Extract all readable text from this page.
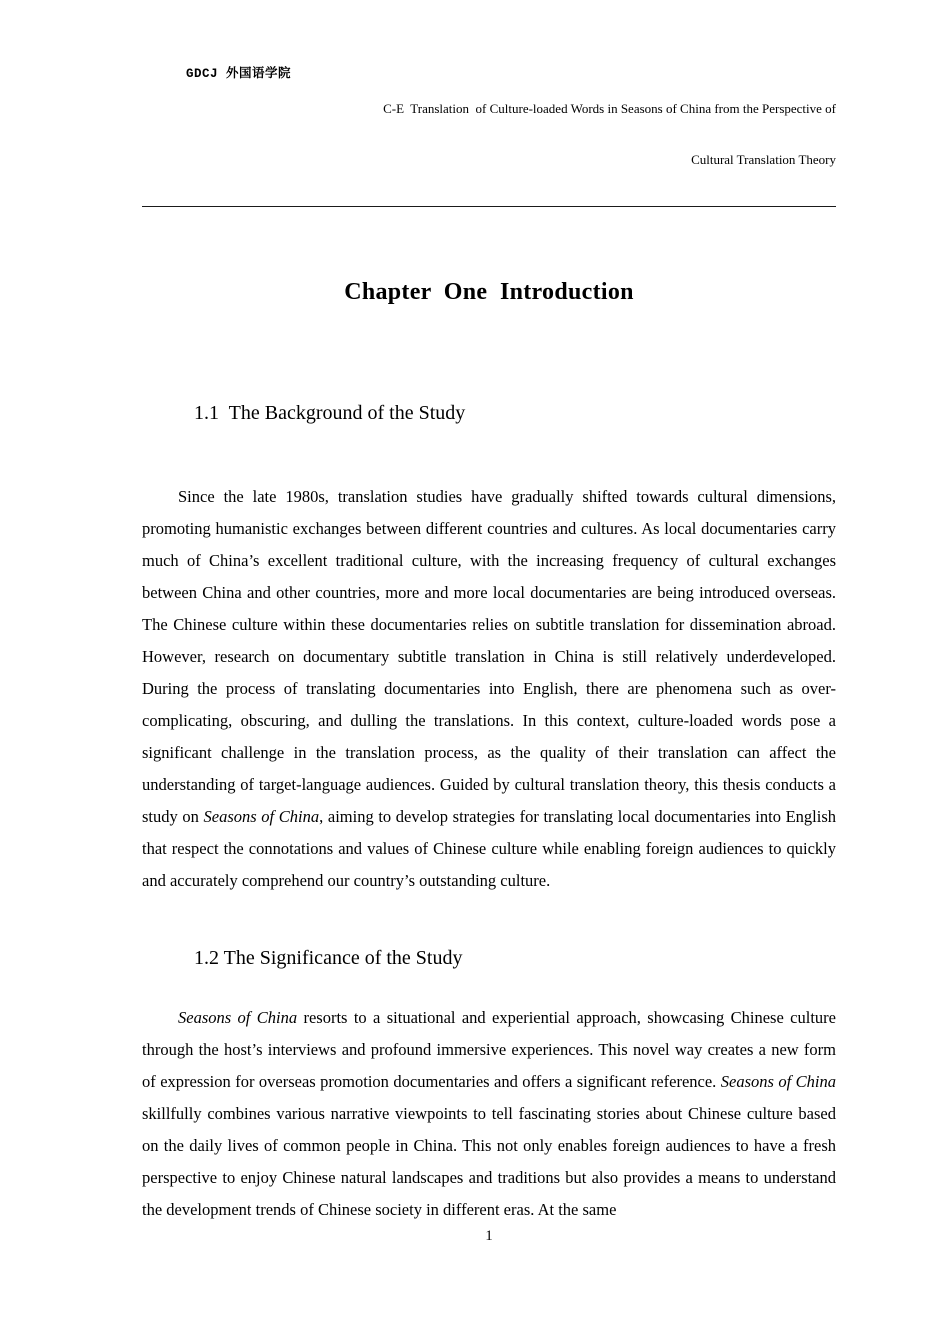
GDCJ 外国语学院

C-E  Translation  of Culture-loaded Words in Seasons of China from the Perspective of

Cultural Translation Theory

Chapter  One  Introduction
1.1  The Background of the Study

Since the late 1980s, translation studies have gradually shifted towards cultural dimensions, promoting humanistic exchanges between different countries and cultures. As local documentaries carry much of China’s excellent traditional culture, with the increasing frequency of cultural exchanges between China and other countries, more and more local documentaries are being introduced overseas. The Chinese culture within these documentaries relies on subtitle translation for dissemination abroad. However, research on documentary subtitle translation in China is still relatively underdeveloped. During the process of translating documentaries into English, there are phenomena such as over-complicating, obscuring, and dulling the translations. In this context, culture-loaded words pose a significant challenge in the translation process, as the quality of their translation can affect the understanding of target-language audiences. Guided by cultural translation theory, this thesis conducts a study on Seasons of China, aiming to develop strategies for translating local documentaries into English that respect the connotations and values of Chinese culture while enabling foreign audiences to quickly and accurately comprehend our country’s outstanding culture.

1.2 The Significance of the Study

Seasons of China resorts to a situational and experiential approach, showcasing Chinese culture through the host’s interviews and profound immersive experiences. This novel way creates a new form of expression for overseas promotion documentaries and offers a significant reference. Seasons of China skillfully combines various narrative viewpoints to tell fascinating stories about Chinese culture based on the daily lives of common people in China. This not only enables foreign audiences to have a fresh perspective to enjoy Chinese natural landscapes and traditions but also provides a means to understand the development trends of Chinese society in different eras. At the same

1
